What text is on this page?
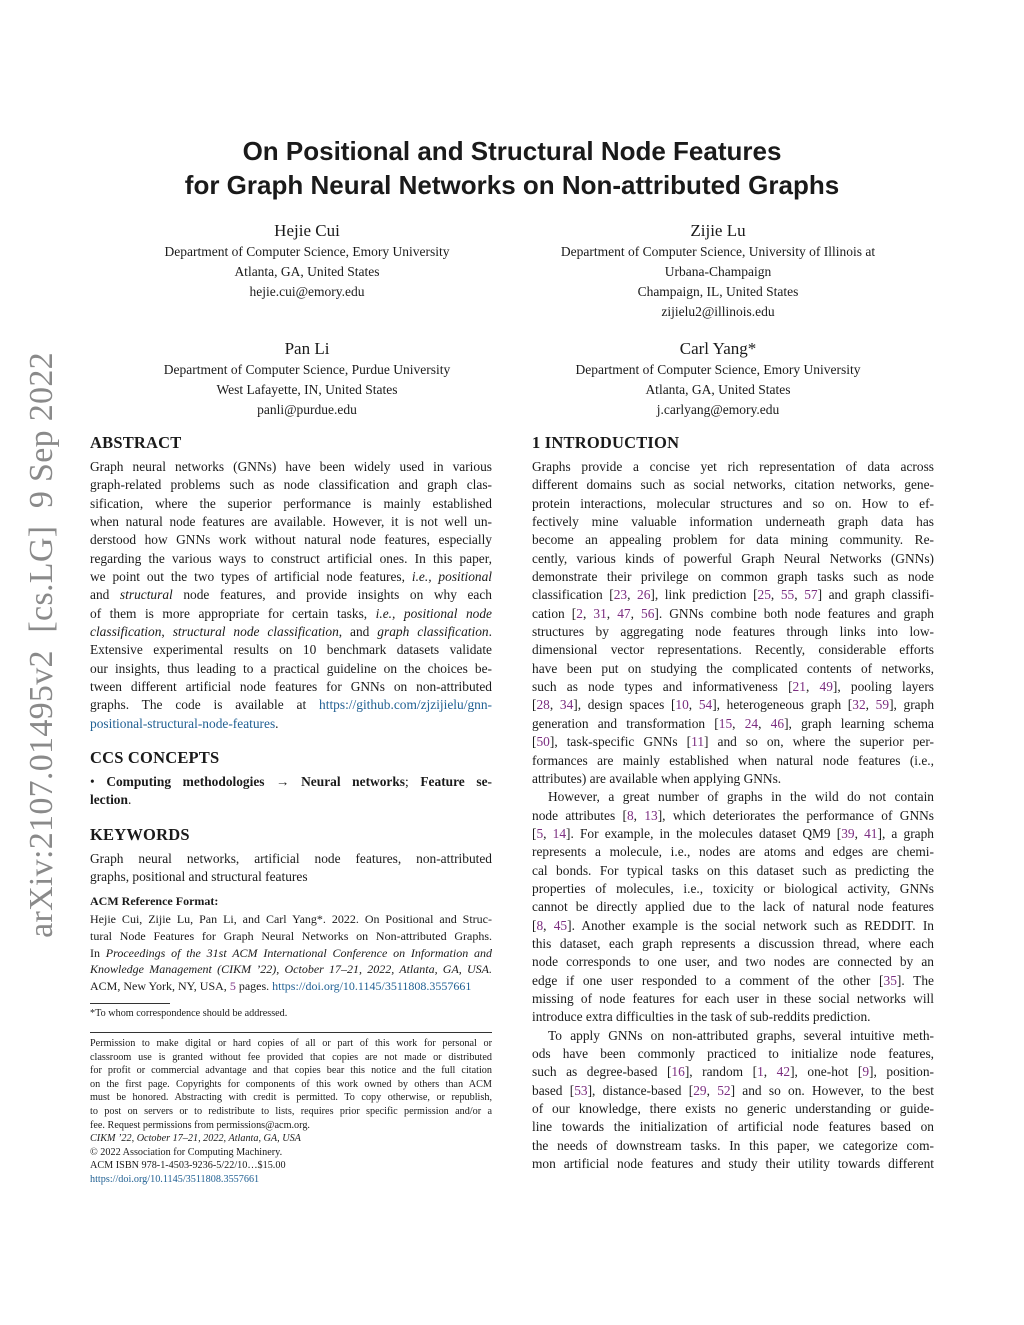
arXiv:2107.01495v2  [cs.LG]  9 Sep 2022
On Positional and Structural Node Features
for Graph Neural Networks on Non-attributed Graphs
Hejie Cui
Department of Computer Science, Emory University
Atlanta, GA, United States
hejie.cui@emory.edu
Zijie Lu
Department of Computer Science, University of Illinois at
Urbana-Champaign
Champaign, IL, United States
zijielu2@illinois.edu
Pan Li
Department of Computer Science, Purdue University
West Lafayette, IN, United States
panli@purdue.edu
Carl Yang*
Department of Computer Science, Emory University
Atlanta, GA, United States
j.carlyang@emory.edu
ABSTRACT
Graph neural networks (GNNs) have been widely used in various
graph-related problems such as node classification and graph clas-
sification, where the superior performance is mainly established
when natural node features are available. However, it is not well un-
derstood how GNNs work without natural node features, especially
regarding the various ways to construct artificial ones. In this paper,
we point out the two types of artificial node features, i.e., positional
and structural node features, and provide insights on why each
of them is more appropriate for certain tasks, i.e., positional node
classification, structural node classification, and graph classification.
Extensive experimental results on 10 benchmark datasets validate
our insights, thus leading to a practical guideline on the choices be-
tween different artificial node features for GNNs on non-attributed
graphs. The code is available at https://github.com/zjzijielu/gnn-
positional-structural-node-features.
CCS CONCEPTS
• Computing methodologies → Neural networks; Feature se-
lection.
KEYWORDS
Graph neural networks, artificial node features, non-attributed
graphs, positional and structural features
ACM Reference Format:
Hejie Cui, Zijie Lu, Pan Li, and Carl Yang*. 2022. On Positional and Struc-
tural Node Features for Graph Neural Networks on Non-attributed Graphs.
In Proceedings of the 31st ACM International Conference on Information and
Knowledge Management (CIKM ’22), October 17–21, 2022, Atlanta, GA, USA.
ACM, New York, NY, USA, 5 pages. https://doi.org/10.1145/3511808.3557661
*To whom correspondence should be addressed.
Permission to make digital or hard copies of all or part of this work for personal or
classroom use is granted without fee provided that copies are not made or distributed
for profit or commercial advantage and that copies bear this notice and the full citation
on the first page. Copyrights for components of this work owned by others than ACM
must be honored. Abstracting with credit is permitted. To copy otherwise, or republish,
to post on servers or to redistribute to lists, requires prior specific permission and/or a
fee. Request permissions from permissions@acm.org.
CIKM ’22, October 17–21, 2022, Atlanta, GA, USA
© 2022 Association for Computing Machinery.
ACM ISBN 978-1-4503-9236-5/22/10…$15.00
https://doi.org/10.1145/3511808.3557661
1 INTRODUCTION
Graphs provide a concise yet rich representation of data across
different domains such as social networks, citation networks, gene-
protein interactions, molecular structures and so on. How to ef-
fectively mine valuable information underneath graph data has
become an appealing problem for data mining community. Re-
cently, various kinds of powerful Graph Neural Networks (GNNs)
demonstrate their privilege on common graph tasks such as node
classification [23, 26], link prediction [25, 55, 57] and graph classifi-
cation [2, 31, 47, 56]. GNNs combine both node features and graph
structures by aggregating node features through links into low-
dimensional vector representations. Recently, considerable efforts
have been put on studying the complicated contents of networks,
such as node types and informativeness [21, 49], pooling layers
[28, 34], design spaces [10, 54], heterogeneous graph [32, 59], graph
generation and transformation [15, 24, 46], graph learning schema
[50], task-specific GNNs [11] and so on, where the superior per-
formances are mainly established when natural node features (i.e.,
attributes) are available when applying GNNs.
However, a great number of graphs in the wild do not contain
node attributes [8, 13], which deteriorates the performance of GNNs
[5, 14]. For example, in the molecules dataset QM9 [39, 41], a graph
represents a molecule, i.e., nodes are atoms and edges are chemi-
cal bonds. For typical tasks on this dataset such as predicting the
properties of molecules, i.e., toxicity or biological activity, GNNs
cannot be directly applied due to the lack of natural node features
[8, 45]. Another example is the social network such as REDDIT. In
this dataset, each graph represents a discussion thread, where each
node corresponds to one user, and two nodes are connected by an
edge if one user responded to a comment of the other [35]. The
missing of node features for each user in these social networks will
introduce extra difficulties in the task of sub-reddits prediction.
To apply GNNs on non-attributed graphs, several intuitive meth-
ods have been commonly practiced to initialize node features,
such as degree-based [16], random [1, 42], one-hot [9], position-
based [53], distance-based [29, 52] and so on. However, to the best
of our knowledge, there exists no generic understanding or guide-
line towards the initialization of artificial node features based on
the needs of downstream tasks. In this paper, we categorize com-
mon artificial node features and study their utility towards different
